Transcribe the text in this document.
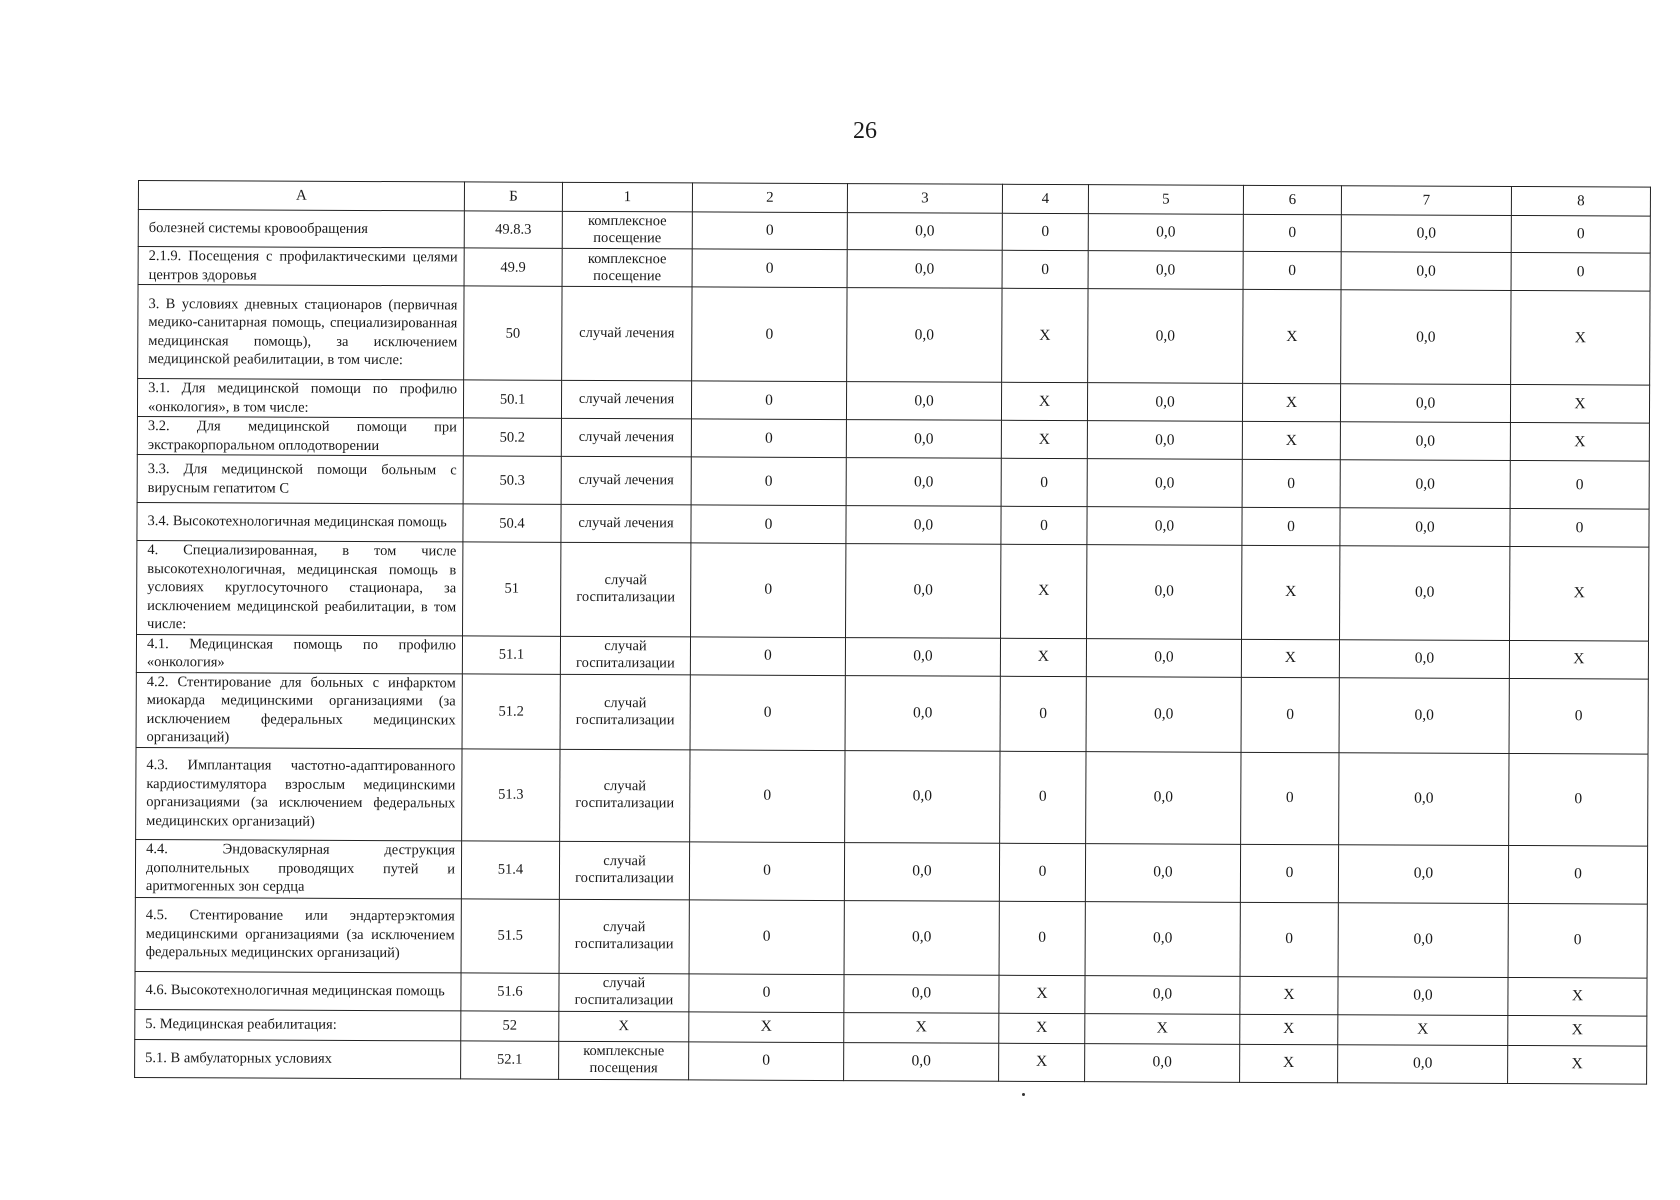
26
А	Б	1	2	3	4	5	6	7	8
болезней системы кровообращения	49.8.3	комплексное посещение	0	0,0	0	0,0	0	0,0	0
2.1.9. Посещения с профилактическими целями центров здоровья	49.9	комплексное посещение	0	0,0	0	0,0	0	0,0	0
3. В условиях дневных стационаров (первичная медико-санитарная помощь, специализированная медицинская помощь), за исключением медицинской реабилитации, в том числе:	50	случай лечения	0	0,0	Х	0,0	Х	0,0	Х
3.1. Для медицинской помощи по профилю «онкология», в том числе:	50.1	случай лечения	0	0,0	Х	0,0	Х	0,0	Х
3.2. Для медицинской помощи при экстракорпоральном оплодотворении	50.2	случай лечения	0	0,0	Х	0,0	Х	0,0	Х
3.3. Для медицинской помощи больным с вирусным гепатитом С	50.3	случай лечения	0	0,0	0	0,0	0	0,0	0
3.4. Высокотехнологичная медицинская помощь	50.4	случай лечения	0	0,0	0	0,0	0	0,0	0
4. Специализированная, в том числе высокотехнологичная, медицинская помощь в условиях круглосуточного стационара, за исключением медицинской реабилитации, в том числе:	51	случай госпитализации	0	0,0	Х	0,0	Х	0,0	Х
4.1. Медицинская помощь по профилю «онкология»	51.1	случай госпитализации	0	0,0	Х	0,0	Х	0,0	Х
4.2. Стентирование для больных с инфарктом миокарда медицинскими организациями (за исключением федеральных медицинских организаций)	51.2	случай госпитализации	0	0,0	0	0,0	0	0,0	0
4.3. Имплантация частотно-адаптированного кардиостимулятора взрослым медицинскими организациями (за исключением федеральных медицинских организаций)	51.3	случай госпитализации	0	0,0	0	0,0	0	0,0	0
4.4. Эндоваскулярная деструкция дополнительных проводящих путей и аритмогенных зон сердца	51.4	случай госпитализации	0	0,0	0	0,0	0	0,0	0
4.5. Стентирование или эндартерэктомия медицинскими организациями (за исключением федеральных медицинских организаций)	51.5	случай госпитализации	0	0,0	0	0,0	0	0,0	0
4.6. Высокотехнологичная медицинская помощь	51.6	случай госпитализации	0	0,0	Х	0,0	Х	0,0	Х
5. Медицинская реабилитация:	52	Х	Х	Х	Х	Х	Х	Х	Х
5.1. В амбулаторных условиях	52.1	комплексные посещения	0	0,0	Х	0,0	Х	0,0	Х
